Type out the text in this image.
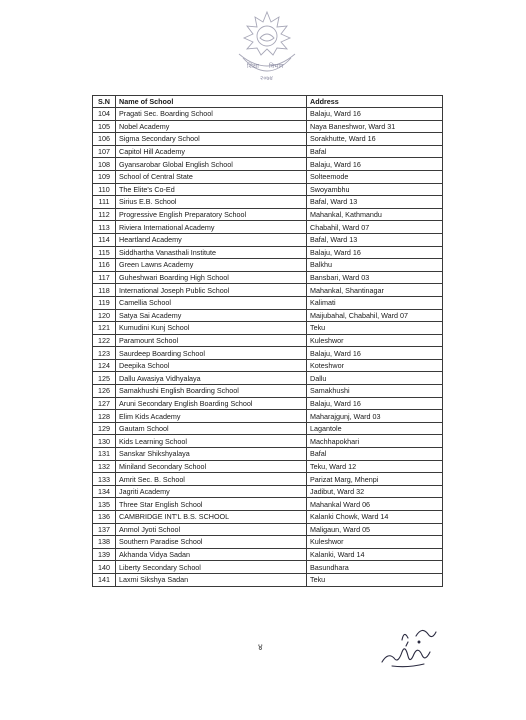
शिक्षा विभाग
२०७४
S.N	Name of School	Address
104	Pragati Sec. Boarding School	Balaju, Ward 16
105	Nobel Academy	Naya Baneshwor, Ward 31
106	Sigma Secondary School	Sorakhutte, Ward 16
107	Capitol Hill Academy	Bafal
108	Gyansarobar Global English School	Balaju, Ward 16
109	School of Central State	Solteemode
110	The Elite's Co-Ed	Swoyambhu
111	Sirius E.B. School	Bafal, Ward 13
112	Progressive English Preparatory School	Mahankal, Kathmandu
113	Riviera International Academy	Chabahil, Ward 07
114	Heartland Academy	Bafal, Ward 13
115	Siddhartha Vanasthali Institute	Balaju, Ward 16
116	Green Lawns Academy	Balkhu
117	Guheshwari Boarding High School	Bansbari, Ward 03
118	International Joseph Public School	Mahankal, Shantinagar
119	Camellia School	Kalimati
120	Satya Sai Academy	Maijubahal, Chabahil, Ward 07
121	Kumudini Kunj School	Teku
122	Paramount School	Kuleshwor
123	Saurdeep Boarding School	Balaju, Ward 16
124	Deepika School	Koteshwor
125	Dallu Awasiya Vidhyalaya	Dallu
126	Samakhushi English Boarding School	Samakhushi
127	Aruni Secondary English Boarding School	Balaju, Ward 16
128	Elim Kids Academy	Maharajgunj, Ward 03
129	Gautam School	Lagantole
130	Kids Learning School	Machhapokhari
131	Sanskar Shikshyalaya	Bafal
132	Miniland Secondary School	Teku, Ward 12
133	Amrit Sec. B. School	Parizat Marg, Mhenpi
134	Jagriti Academy	Jadibut, Ward 32
135	Three Star English School	Mahankal Ward 06
136	CAMBRIDGE INT'L B.S. SCHOOL	Kalanki Chowk, Ward 14
137	Anmol Jyoti School	Maligaun, Ward 05
138	Southern Paradise School	Kuleshwor
139	Akhanda Vidya Sadan	Kalanki, Ward 14
140	Liberty Secondary School	Basundhara
141	Laxmi Sikshya Sadan	Teku
४
